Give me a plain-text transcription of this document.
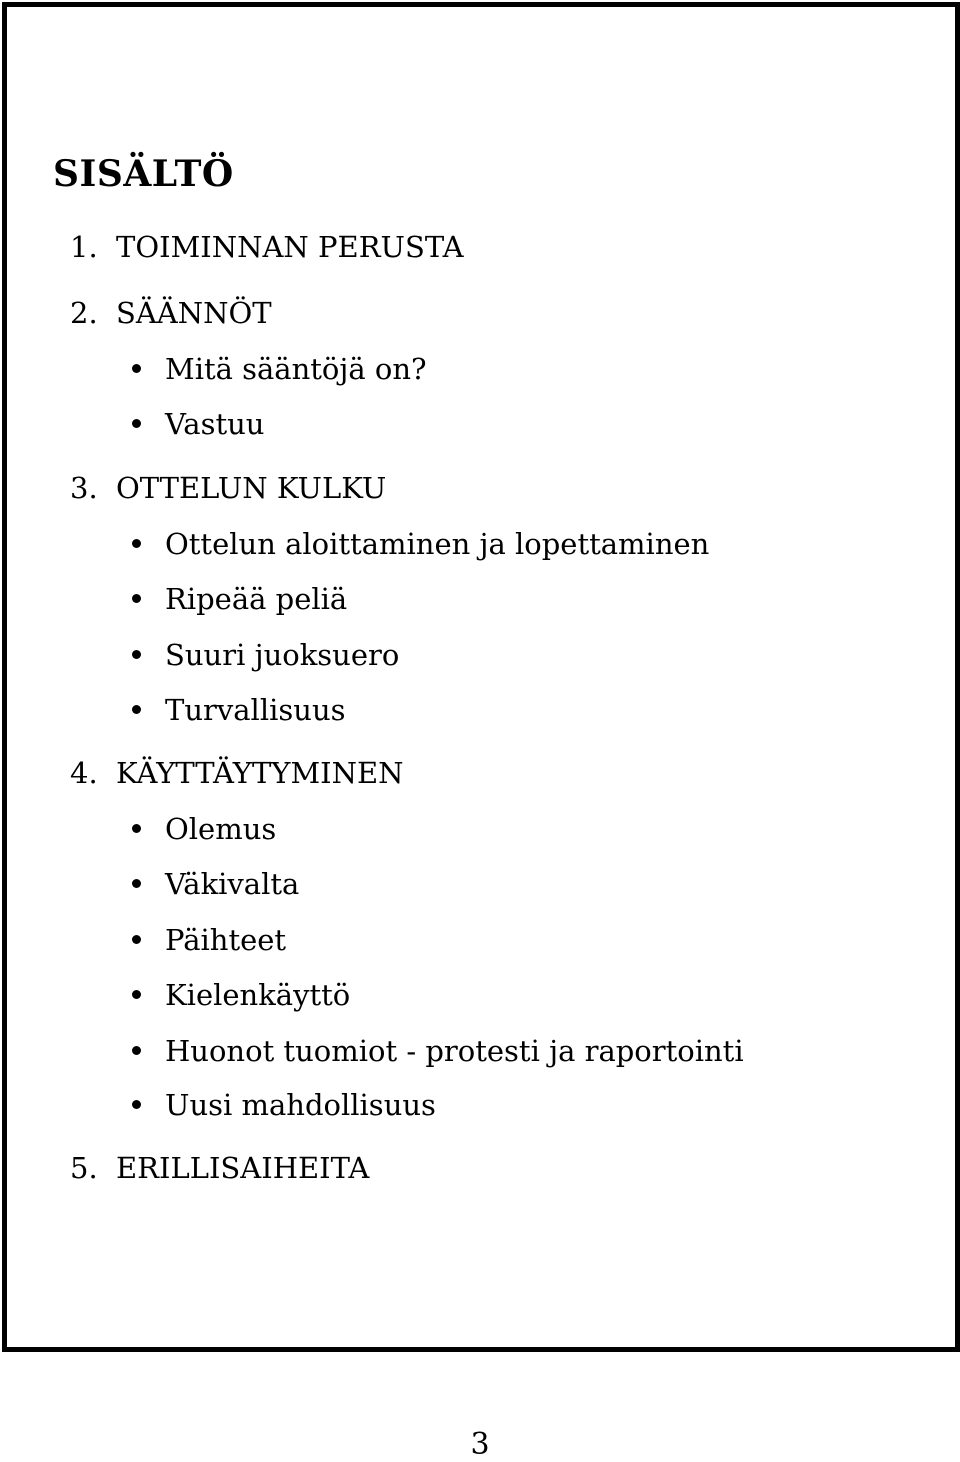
SISÄLTÖ
1. TOIMINNAN PERUSTA
2. SÄÄNNÖT
Mitä sääntöjä on?
Vastuu
3. OTTELUN KULKU
Ottelun aloittaminen ja lopettaminen
Ripeää peliä
Suuri juoksuero
Turvallisuus
4. KÄYTTÄYTYMINEN
Olemus
Väkivalta
Päihteet
Kielenkäyttö
Huonot tuomiot - protesti ja raportointi
Uusi mahdollisuus
5. ERILLISAIHEITA
3
